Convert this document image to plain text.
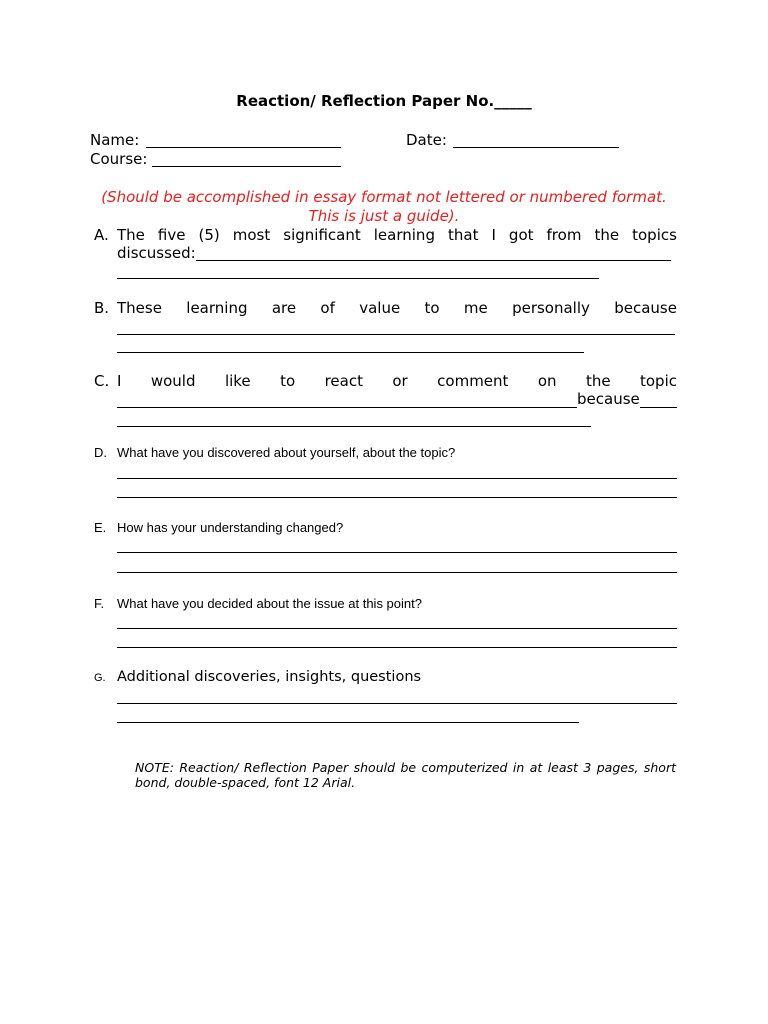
Reaction/ Reflection Paper No._____
Name:	Date:
Course:
(Should be accomplished in essay format not lettered or numbered format.
This is just a guide).
A. The five (5) most significant learning that I got from the topics
discussed:
B. These learning are of value to me personally because
C. I would like to react or comment on the topic
because
D. What have you discovered about yourself, about the topic?
E. How has your understanding changed?
F. What have you decided about the issue at this point?
G. Additional discoveries, insights, questions
NOTE: Reaction/ Reflection Paper should be computerized in at least 3 pages, short bond, double-spaced, font 12 Arial.
